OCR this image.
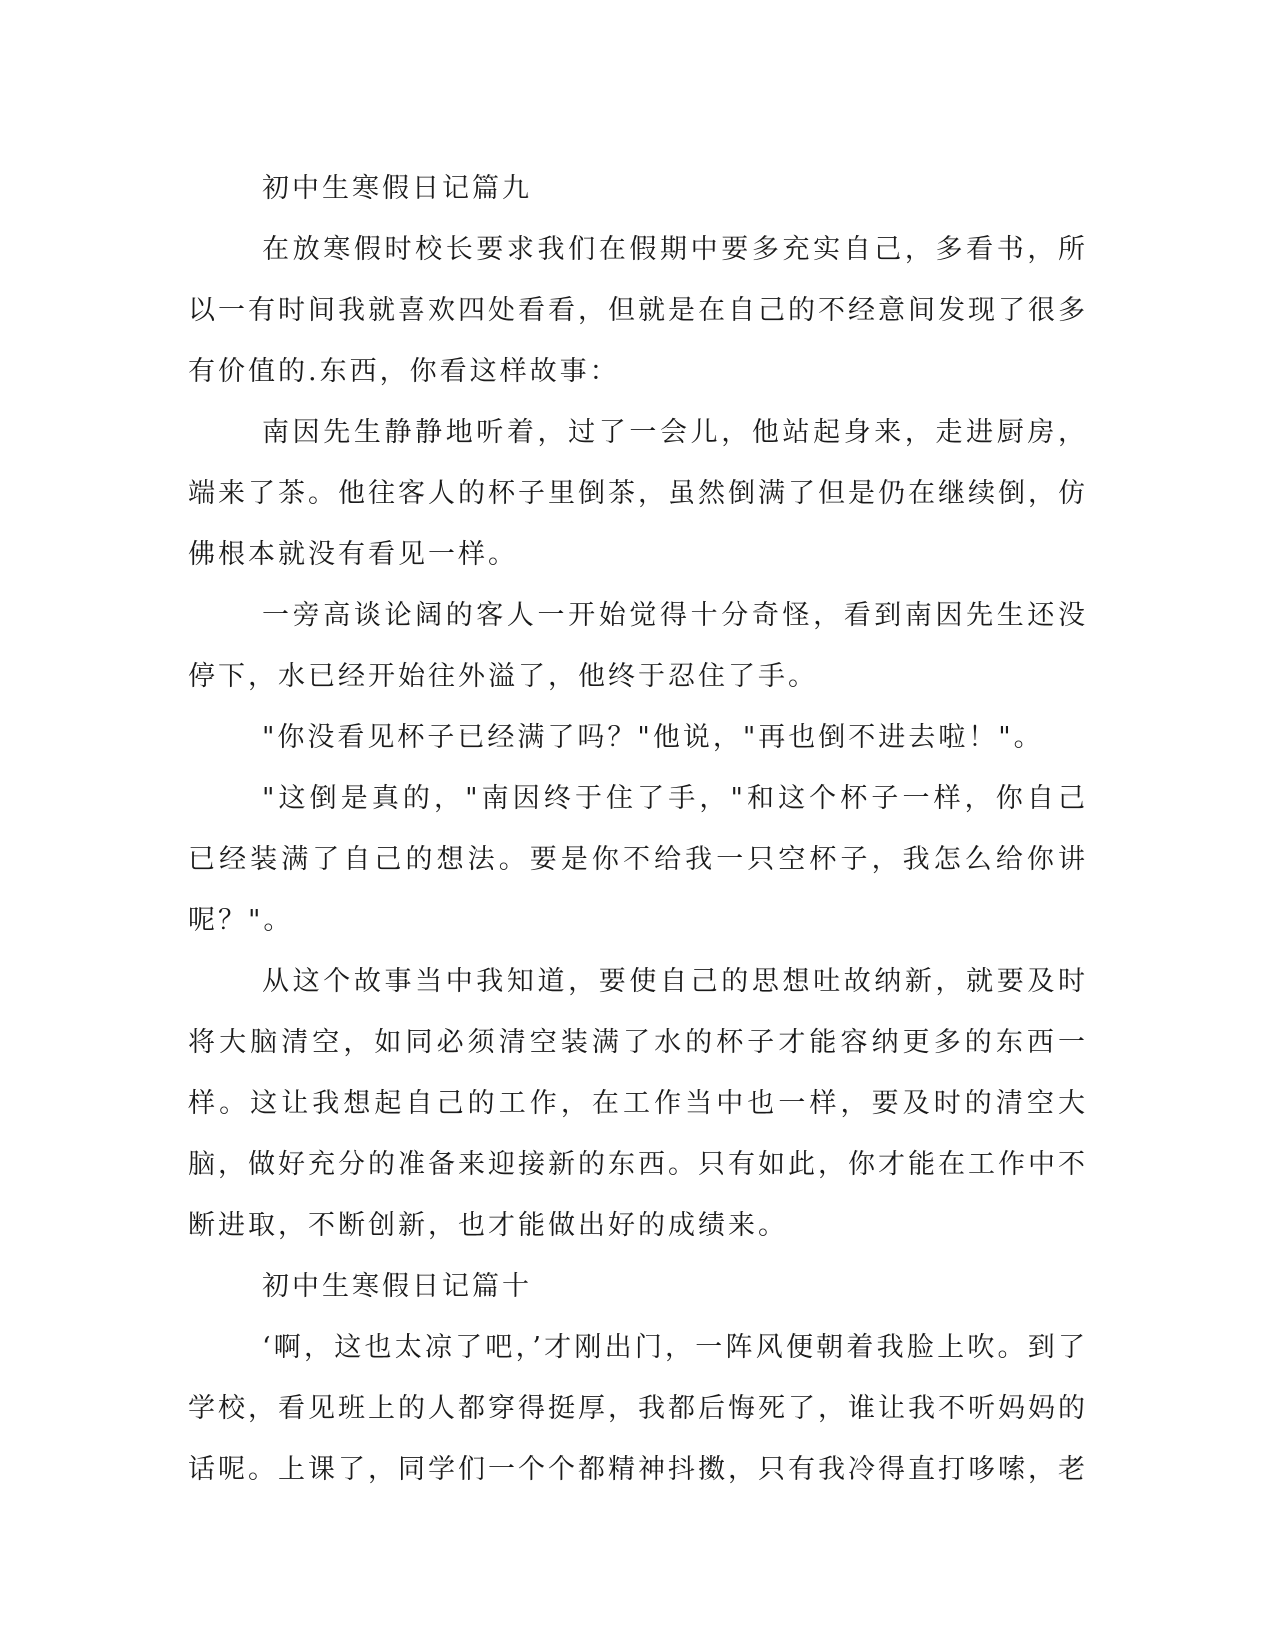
初中生寒假日记篇九

在放寒假时校长要求我们在假期中要多充实自己，多看书，所以一有时间我就喜欢四处看看，但就是在自己的不经意间发现了很多有价值的.东西，你看这样故事：

南因先生静静地听着，过了一会儿，他站起身来，走进厨房，端来了茶。他往客人的杯子里倒茶，虽然倒满了但是仍在继续倒，仿佛根本就没有看见一样。

一旁高谈论阔的客人一开始觉得十分奇怪，看到南因先生还没停下，水已经开始往外溢了，他终于忍住了手。

"你没看见杯子已经满了吗？"他说，"再也倒不进去啦！"。

"这倒是真的，"南因终于住了手，"和这个杯子一样，你自己已经装满了自己的想法。要是你不给我一只空杯子，我怎么给你讲呢？"。

从这个故事当中我知道，要使自己的思想吐故纳新，就要及时将大脑清空，如同必须清空装满了水的杯子才能容纳更多的东西一样。这让我想起自己的工作，在工作当中也一样，要及时的清空大脑，做好充分的准备来迎接新的东西。只有如此，你才能在工作中不断进取，不断创新，也才能做出好的成绩来。

初中生寒假日记篇十

‘啊，这也太凉了吧，’才刚出门，一阵风便朝着我脸上吹。到了学校，看见班上的人都穿得挺厚，我都后悔死了，谁让我不听妈妈的话呢。上课了，同学们一个个都精神抖擞，只有我冷得直打哆嗦，老
